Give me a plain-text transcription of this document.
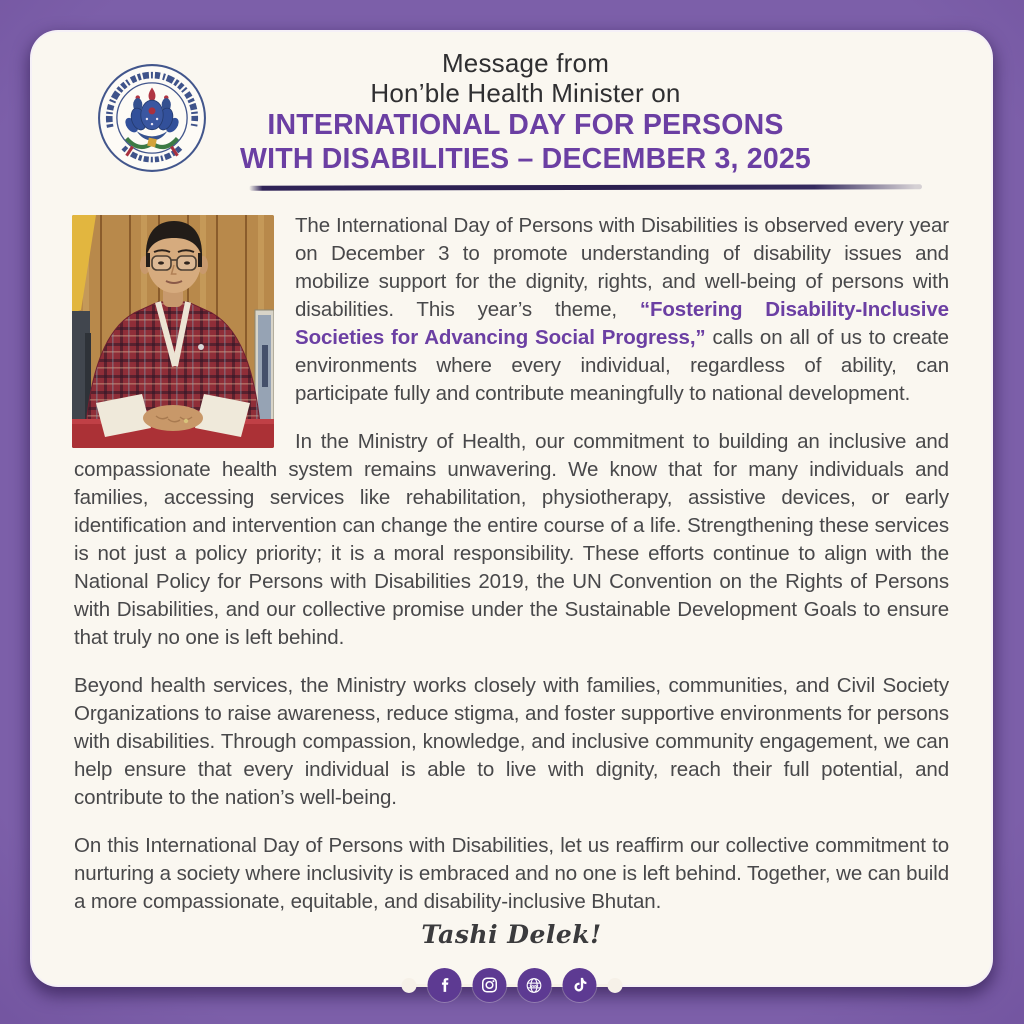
Message from
Hon’ble Health Minister on
INTERNATIONAL DAY FOR PERSONS
WITH DISABILITIES – DECEMBER 3, 2025

The International Day of Persons with Disabilities is observed every year on December 3 to promote understanding of disability issues and mobilize support for the dignity, rights, and well-being of persons with disabilities. This year’s theme, “Fostering Disability-Inclusive Societies for Advancing Social Progress,” calls on all of us to create environments where every individual, regardless of ability, can participate fully and contribute meaningfully to national development.

In the Ministry of Health, our commitment to building an inclusive and compassionate health system remains unwavering. We know that for many individuals and families, accessing services like rehabilitation, physiotherapy, assistive devices, or early identification and intervention can change the entire course of a life. Strengthening these services is not just a policy priority; it is a moral responsibility. These efforts continue to align with the National Policy for Persons with Disabilities 2019, the UN Convention on the Rights of Persons with Disabilities, and our collective promise under the Sustainable Development Goals to ensure that truly no one is left behind.

Beyond health services, the Ministry works closely with families, communities, and Civil Society Organizations to raise awareness, reduce stigma, and foster supportive environments for persons with disabilities. Through compassion, knowledge, and inclusive community engagement, we can help ensure that every individual is able to live with dignity, reach their full potential, and contribute to the nation’s well-being.

On this International Day of Persons with Disabilities, let us reaffirm our collective commitment to nurturing a society where inclusivity is embraced and no one is left behind. Together, we can build a more compassionate, equitable, and disability-inclusive Bhutan.

Tashi Delek!
www
